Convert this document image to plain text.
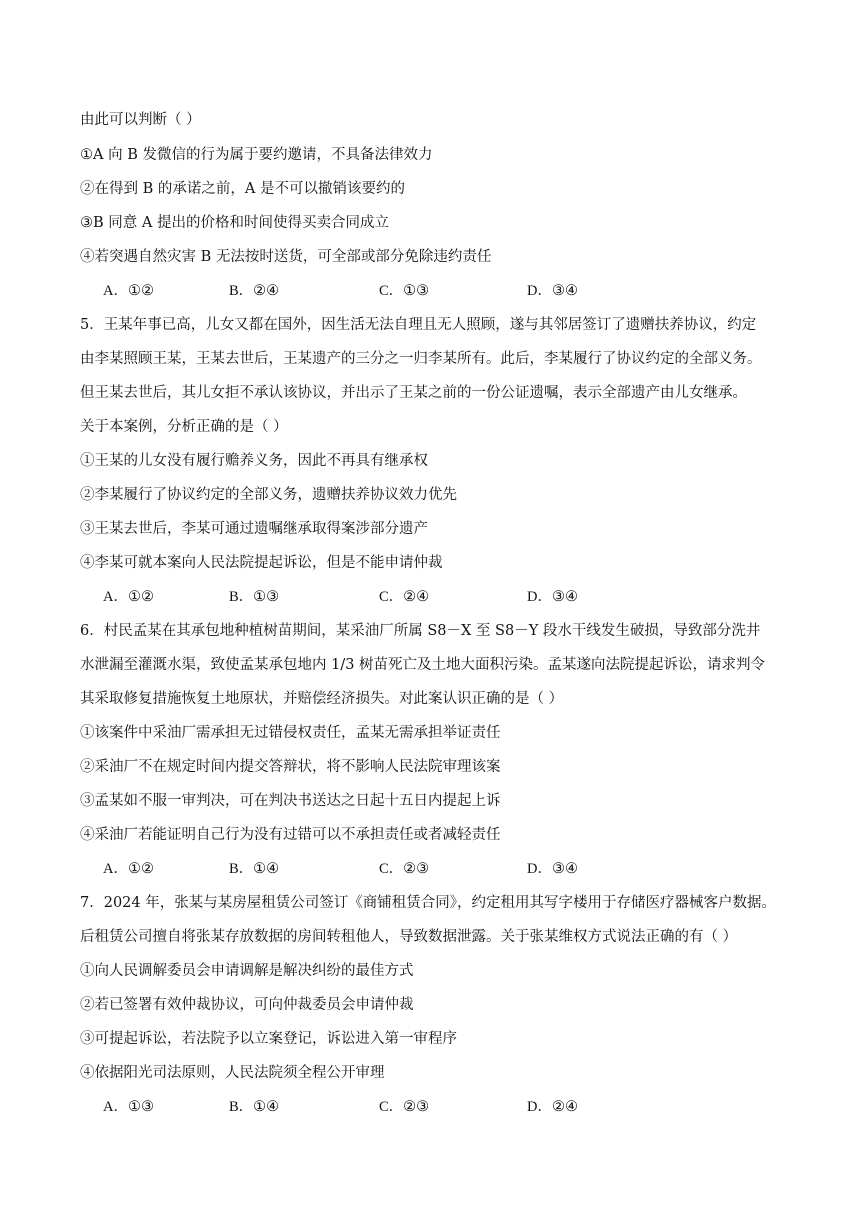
由此可以判断（ ）
①A 向 B 发微信的行为属于要约邀请，不具备法律效力
②在得到 B 的承诺之前，A 是不可以撤销该要约的
③B 同意 A 提出的价格和时间使得买卖合同成立
④若突遇自然灾害 B 无法按时送货，可全部或部分免除违约责任
A．①②	B．②④	C．①③	D．③④
5．王某年事已高，儿女又都在国外，因生活无法自理且无人照顾，遂与其邻居签订了遗赠扶养协议，约定
由李某照顾王某，王某去世后，王某遗产的三分之一归李某所有。此后，李某履行了协议约定的全部义务。
但王某去世后，其儿女拒不承认该协议，并出示了王某之前的一份公证遗嘱，表示全部遗产由儿女继承。
关于本案例，分析正确的是（ ）
①王某的儿女没有履行赡养义务，因此不再具有继承权
②李某履行了协议约定的全部义务，遗赠扶养协议效力优先
③王某去世后，李某可通过遗嘱继承取得案涉部分遗产
④李某可就本案向人民法院提起诉讼，但是不能申请仲裁
A．①②	B．①③	C．②④	D．③④
6．村民孟某在其承包地种植树苗期间，某采油厂所属 S8－X 至 S8－Y 段水干线发生破损，导致部分洗井
水泄漏至灌溉水渠，致使孟某承包地内 1/3 树苗死亡及土地大面积污染。孟某遂向法院提起诉讼，请求判令
其采取修复措施恢复土地原状，并赔偿经济损失。对此案认识正确的是（ ）
①该案件中采油厂需承担无过错侵权责任，孟某无需承担举证责任
②采油厂不在规定时间内提交答辩状，将不影响人民法院审理该案
③孟某如不服一审判决，可在判决书送达之日起十五日内提起上诉
④采油厂若能证明自己行为没有过错可以不承担责任或者减轻责任
A．①②	B．①④	C．②③	D．③④
7．2024 年，张某与某房屋租赁公司签订《商铺租赁合同》，约定租用其写字楼用于存储医疗器械客户数据。
后租赁公司擅自将张某存放数据的房间转租他人，导致数据泄露。关于张某维权方式说法正确的有（ ）
①向人民调解委员会申请调解是解决纠纷的最佳方式
②若已签署有效仲裁协议，可向仲裁委员会申请仲裁
③可提起诉讼，若法院予以立案登记，诉讼进入第一审程序
④依据阳光司法原则，人民法院须全程公开审理
A．①③	B．①④	C．②③	D．②④
